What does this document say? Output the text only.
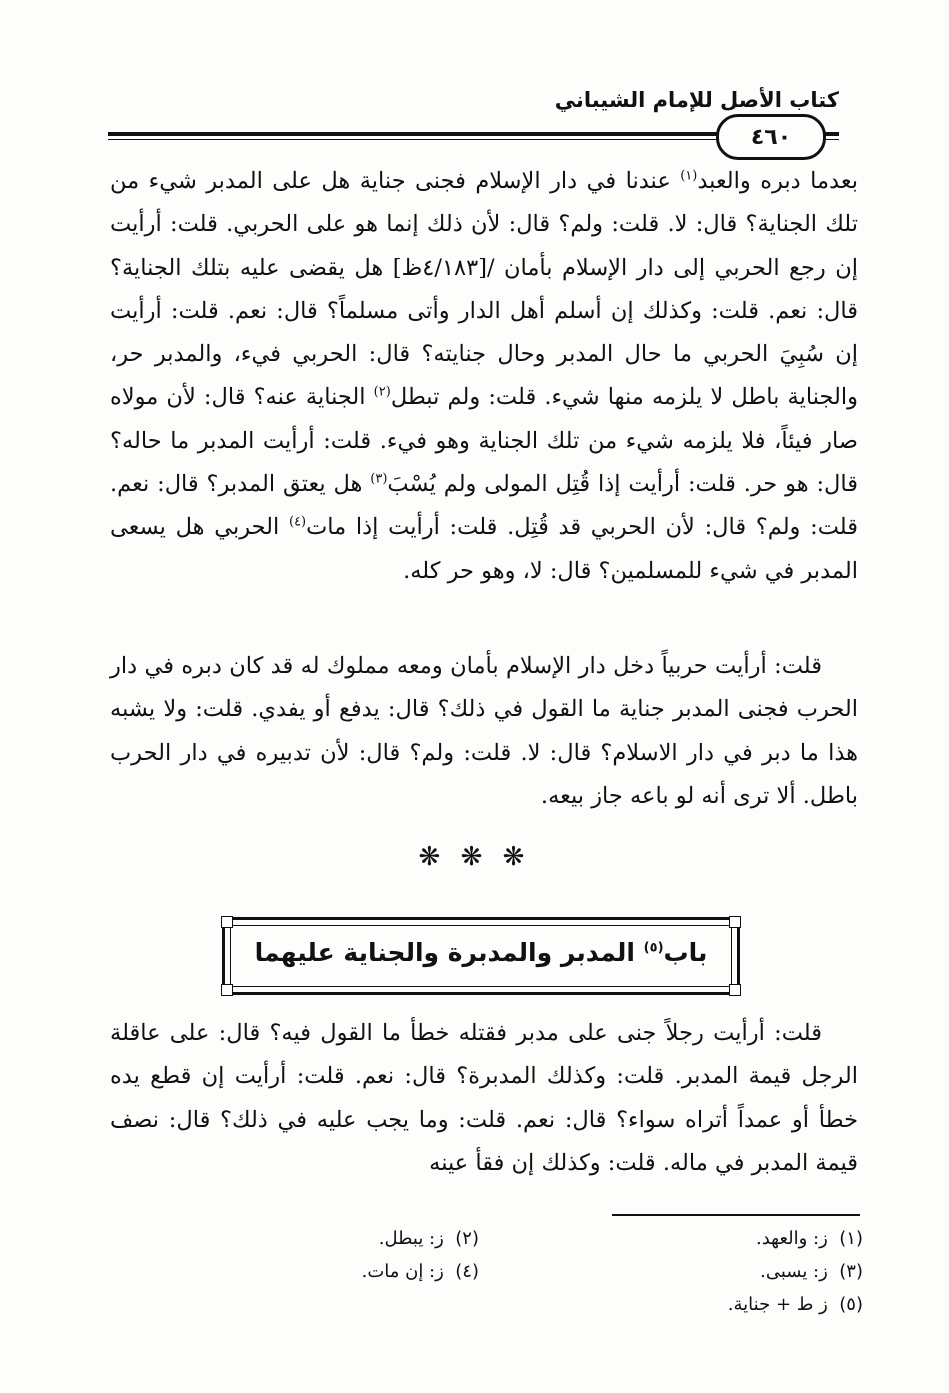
كتاب الأصل للإمام الشيباني
٤٦٠

بعدما دبره والعبد$^{(١)}$ عندنا في دار الإسلام فجنى جناية هل على المدبر شيء من تلك الجناية؟ قال: لا. قلت: ولم؟ قال: لأن ذلك إنما هو على الحربي. قلت: أرأيت إن رجع الحربي إلى دار الإسلام بأمان /[٤/١٨٣ظ] هل يقضى عليه بتلك الجناية؟ قال: نعم. قلت: وكذلك إن أسلم أهل الدار وأتى مسلماً؟ قال: نعم. قلت: أرأيت إن سُبِيَ الحربي ما حال المدبر وحال جنايته؟ قال: الحربي فيء، والمدبر حر، والجناية باطل لا يلزمه منها شيء. قلت: ولم تبطل$^{(٢)}$ الجناية عنه؟ قال: لأن مولاه صار فيئاً، فلا يلزمه شيء من تلك الجناية وهو فيء. قلت: أرأيت المدبر ما حاله؟ قال: هو حر. قلت: أرأيت إذا قُتِل المولى ولم يُسْبَ$^{(٣)}$ هل يعتق المدبر؟ قال: نعم. قلت: ولم؟ قال: لأن الحربي قد قُتِل. قلت: أرأيت إذا مات$^{(٤)}$ الحربي هل يسعى المدبر في شيء للمسلمين؟ قال: لا، وهو حر كله.

قلت: أرأيت حربياً دخل دار الإسلام بأمان ومعه مملوك له قد كان دبره في دار الحرب فجنى المدبر جناية ما القول في ذلك؟ قال: يدفع أو يفدي. قلت: ولا يشبه هذا ما دبر في دار الاسلام؟ قال: لا. قلت: ولم؟ قال: لأن تدبيره في دار الحرب باطل. ألا ترى أنه لو باعه جاز بيعه.

❋ ❋ ❋
باب$^{(٥)}$ المدبر والمدبرة والجناية عليهما

قلت: أرأيت رجلاً جنى على مدبر فقتله خطأ ما القول فيه؟ قال: على عاقلة الرجل قيمة المدبر. قلت: وكذلك المدبرة؟ قال: نعم. قلت: أرأيت إن قطع يده خطأ أو عمداً أتراه سواء؟ قال: نعم. قلت: وما يجب عليه في ذلك؟ قال: نصف قيمة المدبر في ماله. قلت: وكذلك إن فقأ عينه

(١)  ز: والعهد.
(٢)  ز: يبطل.
(٣)  ز: يسبى.
(٤)  ز: إن مات.
(٥)  ز ط + جناية.
